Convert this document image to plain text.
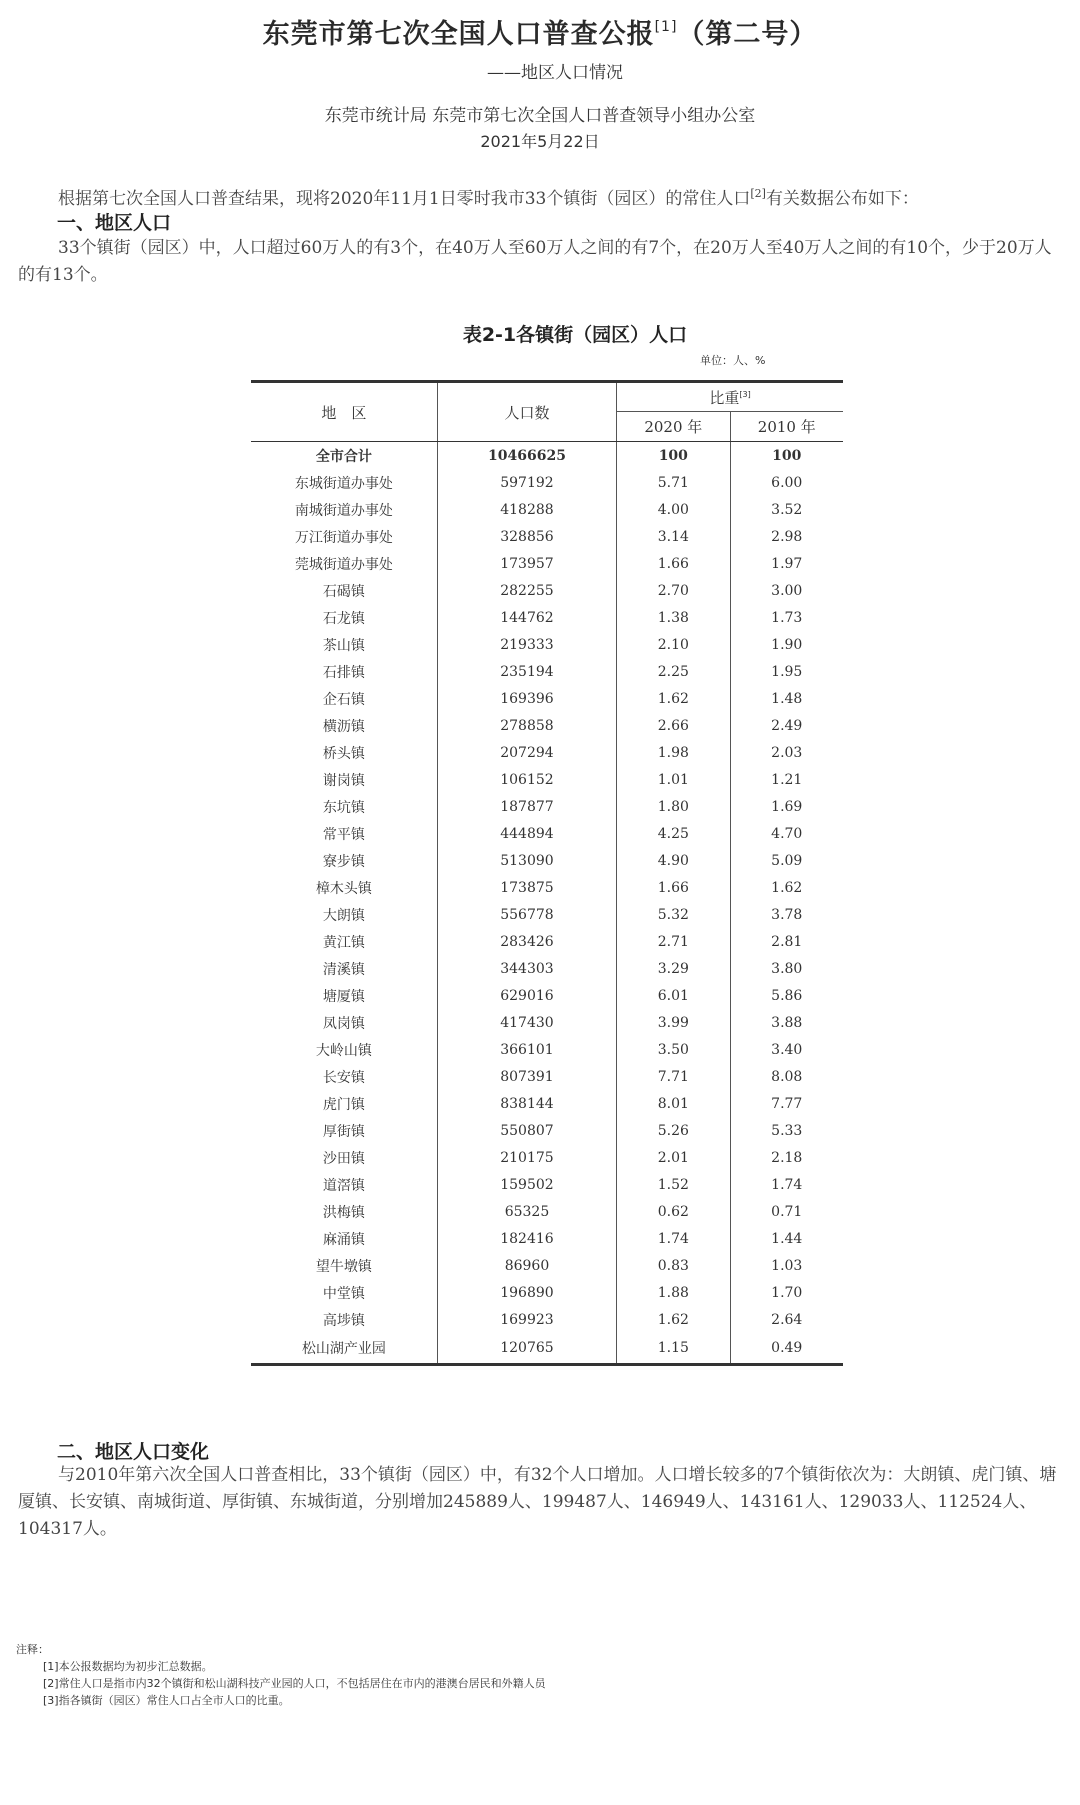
东莞市第七次全国人口普查公报[1]（第二号）
——地区人口情况
东莞市统计局 东莞市第七次全国人口普查领导小组办公室
2021年5月22日
根据第七次全国人口普查结果，现将2020年11月1日零时我市33个镇街（园区）的常住人口[2]有关数据公布如下：
一、地区人口
33个镇街（园区）中，人口超过60万人的有3个，在40万人至60万人之间的有7个，在20万人至40万人之间的有10个，少于20万人的有13个。
表2-1各镇街（园区）人口
单位：人、%
地　区	人口数	比重[3]
		2020 年	2010 年
全市合计	10466625	100	100
东城街道办事处	597192	5.71	6.00
南城街道办事处	418288	4.00	3.52
万江街道办事处	328856	3.14	2.98
莞城街道办事处	173957	1.66	1.97
石碣镇	282255	2.70	3.00
石龙镇	144762	1.38	1.73
茶山镇	219333	2.10	1.90
石排镇	235194	2.25	1.95
企石镇	169396	1.62	1.48
横沥镇	278858	2.66	2.49
桥头镇	207294	1.98	2.03
谢岗镇	106152	1.01	1.21
东坑镇	187877	1.80	1.69
常平镇	444894	4.25	4.70
寮步镇	513090	4.90	5.09
樟木头镇	173875	1.66	1.62
大朗镇	556778	5.32	3.78
黄江镇	283426	2.71	2.81
清溪镇	344303	3.29	3.80
塘厦镇	629016	6.01	5.86
凤岗镇	417430	3.99	3.88
大岭山镇	366101	3.50	3.40
长安镇	807391	7.71	8.08
虎门镇	838144	8.01	7.77
厚街镇	550807	5.26	5.33
沙田镇	210175	2.01	2.18
道滘镇	159502	1.52	1.74
洪梅镇	65325	0.62	0.71
麻涌镇	182416	1.74	1.44
望牛墩镇	86960	0.83	1.03
中堂镇	196890	1.88	1.70
高埗镇	169923	1.62	2.64
松山湖产业园	120765	1.15	0.49
二、地区人口变化
与2010年第六次全国人口普查相比，33个镇街（园区）中，有32个人口增加。人口增长较多的7个镇街依次为：大朗镇、虎门镇、塘厦镇、长安镇、南城街道、厚街镇、东城街道，分别增加245889人、199487人、146949人、143161人、129033人、112524人、104317人。
注释：
[1]本公报数据均为初步汇总数据。
[2]常住人口是指市内32个镇街和松山湖科技产业园的人口，不包括居住在市内的港澳台居民和外籍人员
[3]指各镇街（园区）常住人口占全市人口的比重。
